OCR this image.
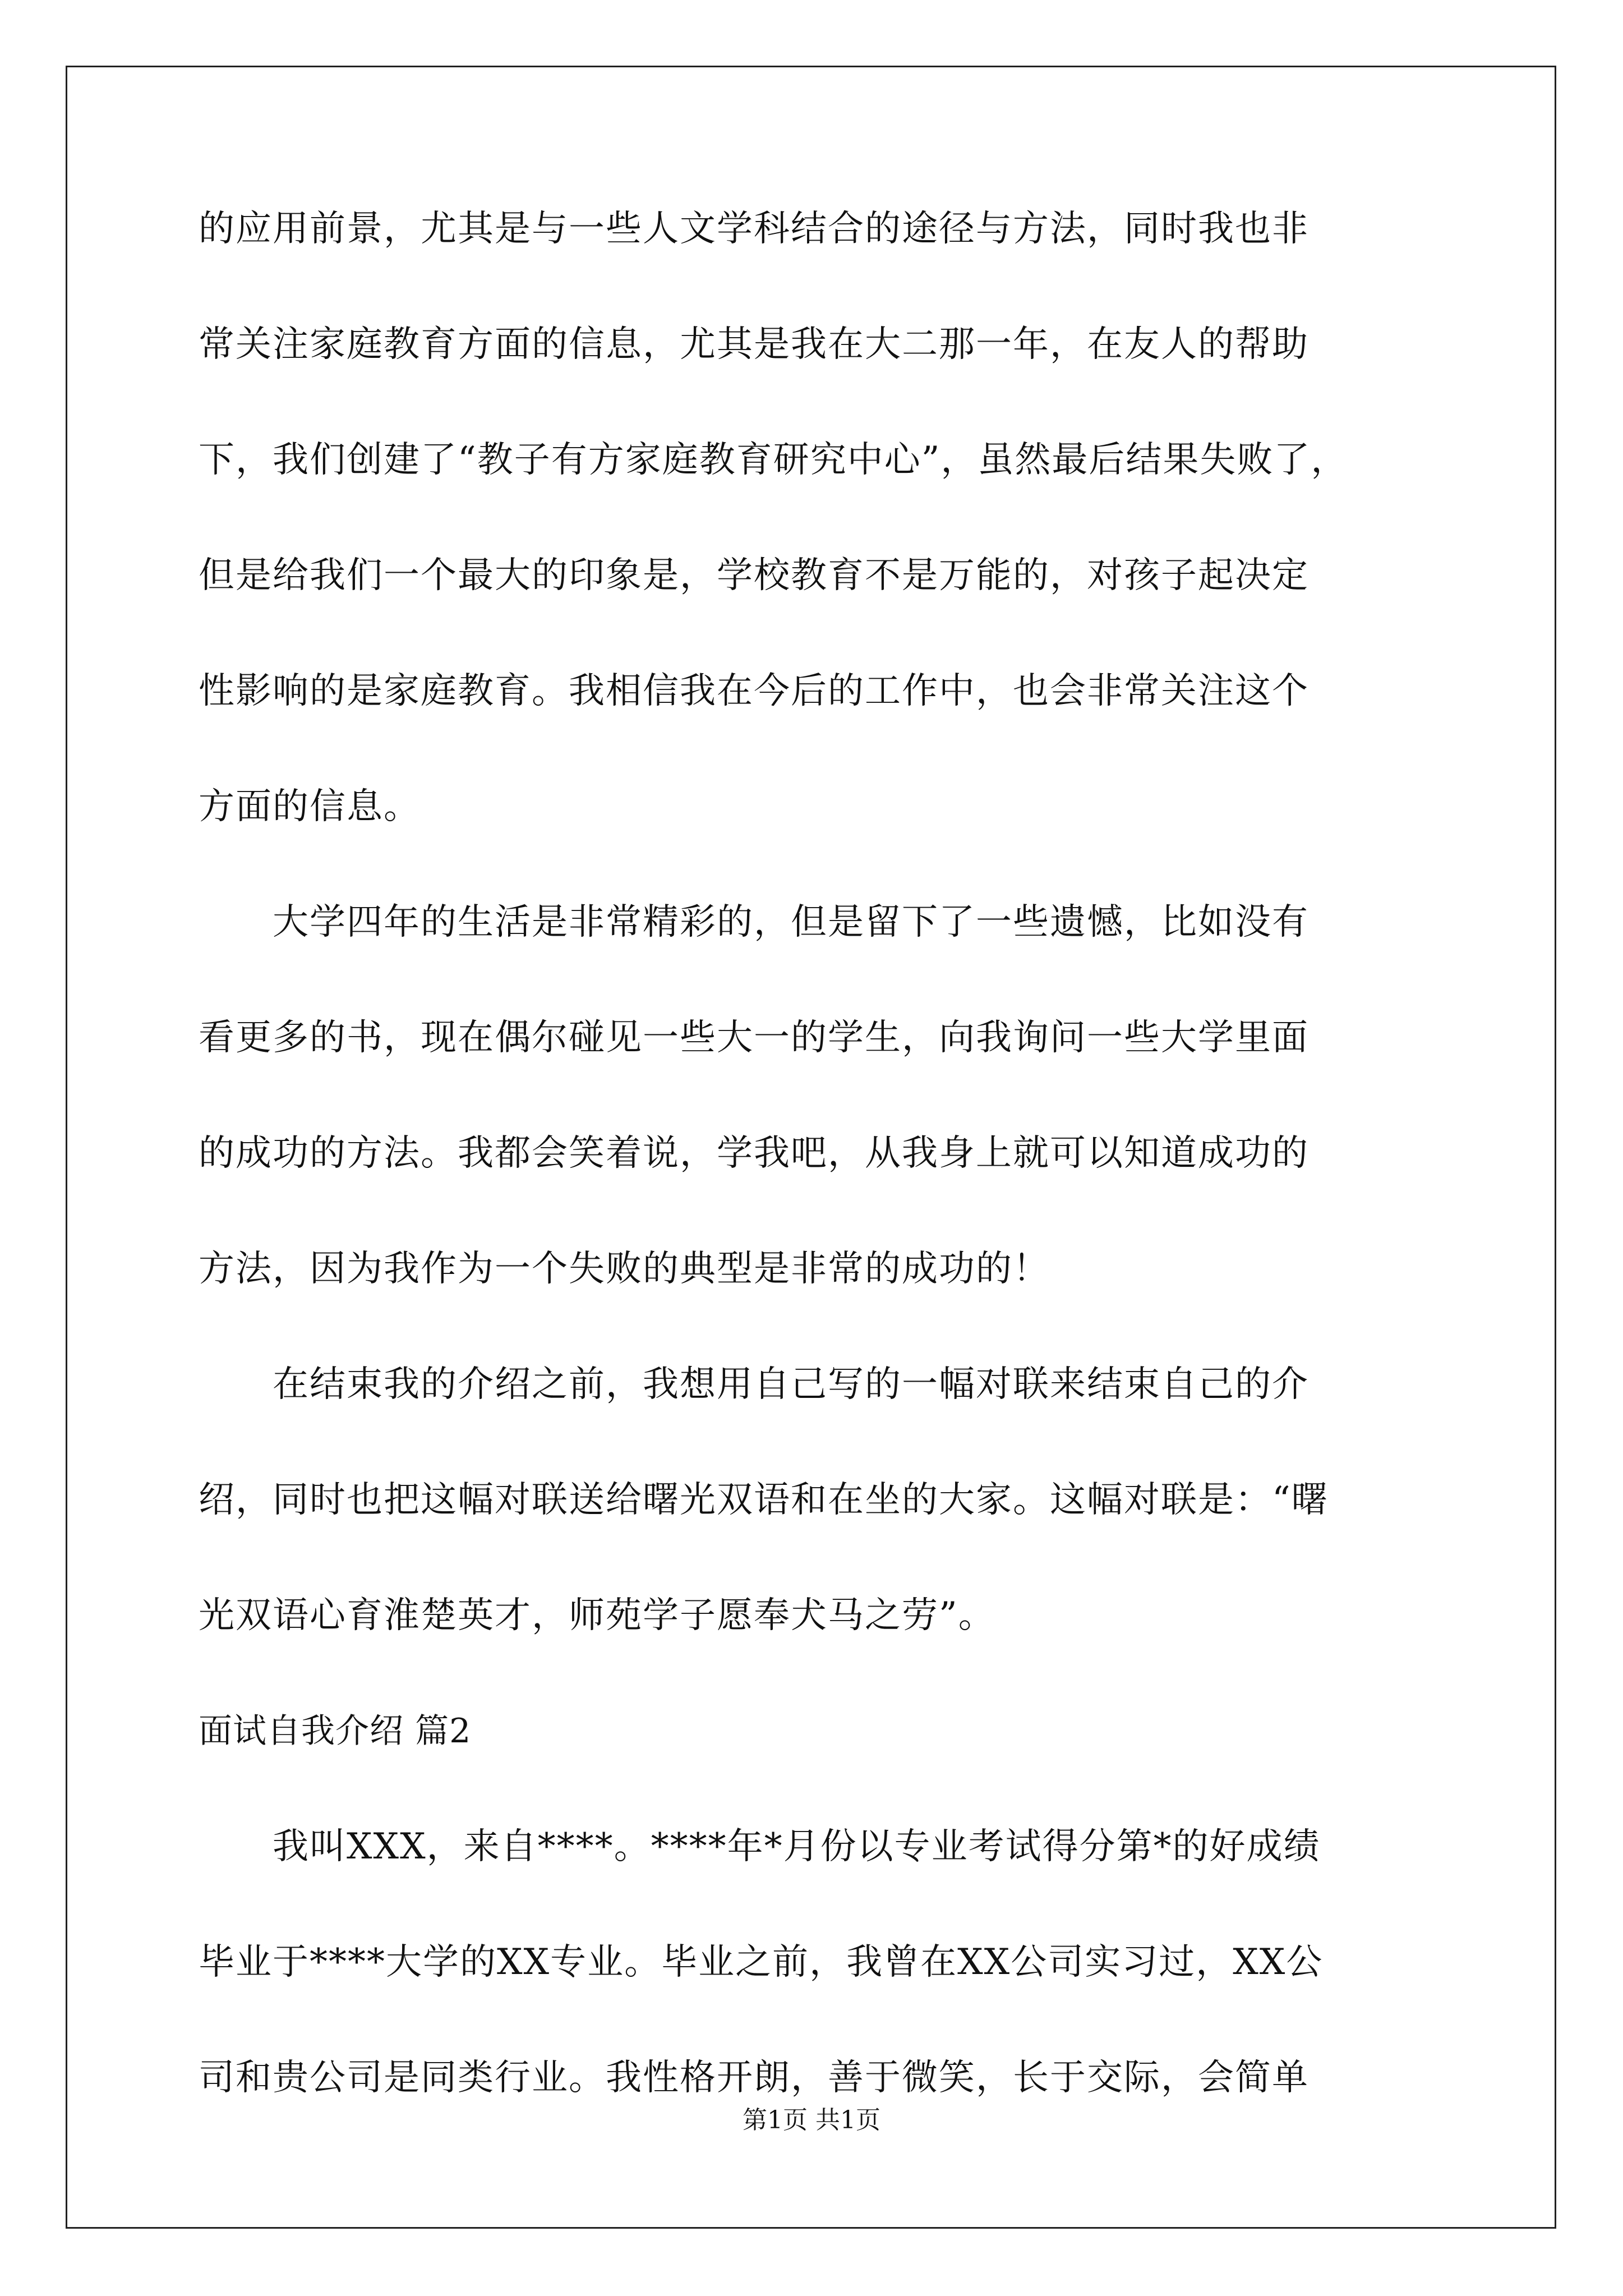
的应用前景，尤其是与一些人文学科结合的途径与方法，同时我也非
常关注家庭教育方面的信息，尤其是我在大二那一年，在友人的帮助
下，我们创建了“教子有方家庭教育研究中心”，虽然最后结果失败了，
但是给我们一个最大的印象是，学校教育不是万能的，对孩子起决定
性影响的是家庭教育。我相信我在今后的工作中，也会非常关注这个
方面的信息。
　　大学四年的生活是非常精彩的，但是留下了一些遗憾，比如没有
看更多的书，现在偶尔碰见一些大一的学生，向我询问一些大学里面
的成功的方法。我都会笑着说，学我吧，从我身上就可以知道成功的
方法，因为我作为一个失败的典型是非常的成功的！
　　在结束我的介绍之前，我想用自己写的一幅对联来结束自己的介
绍，同时也把这幅对联送给曙光双语和在坐的大家。这幅对联是：“曙
光双语心育淮楚英才，师苑学子愿奉犬马之劳”。
面试自我介绍 篇2
　　我叫XXX，来自****。****年*月份以专业考试得分第*的好成绩
毕业于****大学的XX专业。毕业之前，我曾在XX公司实习过，XX公
司和贵公司是同类行业。我性格开朗，善于微笑，长于交际，会简单
第1页 共1页
